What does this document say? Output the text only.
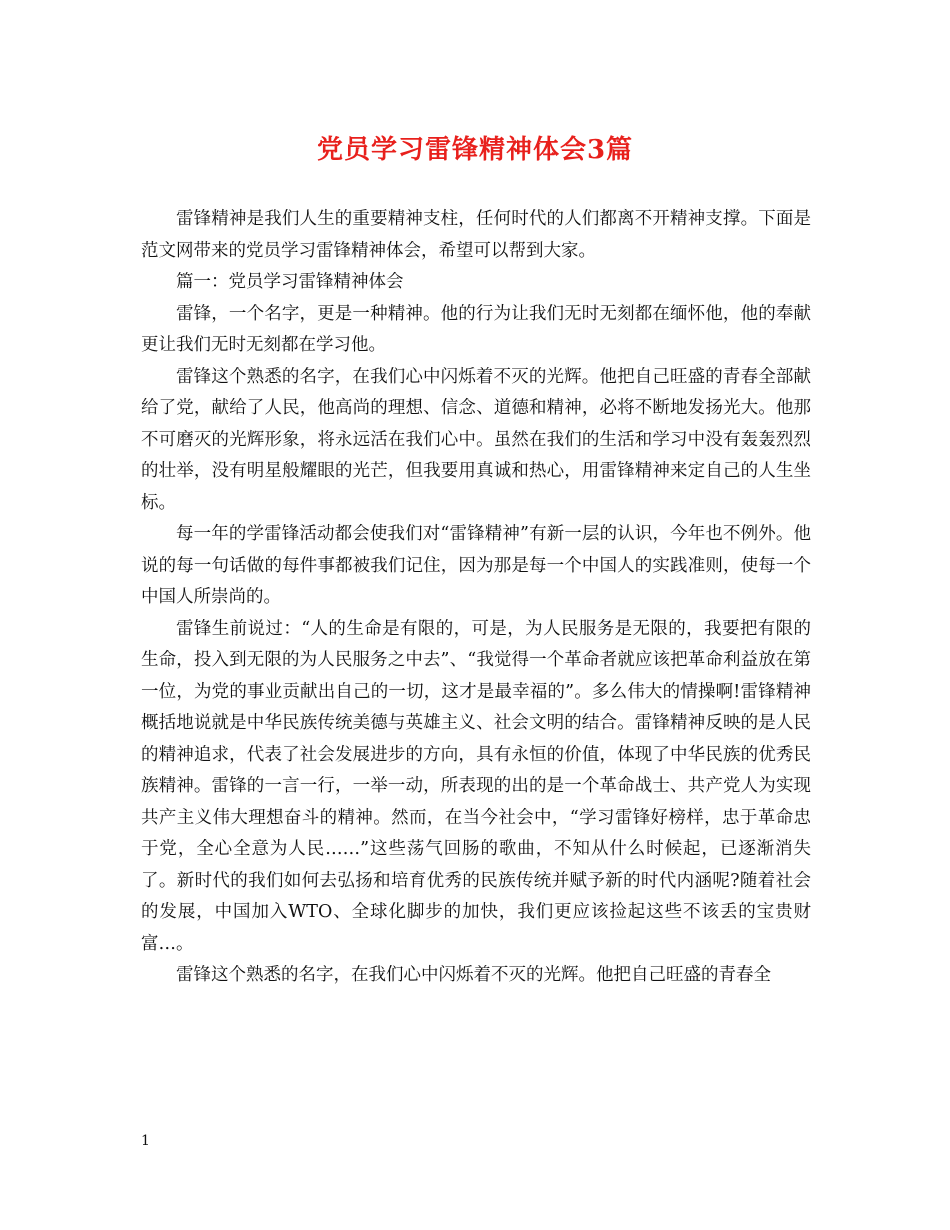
党员学习雷锋精神体会3篇

雷锋精神是我们人生的重要精神支柱，任何时代的人们都离不开精神支撑。下面是范文网带来的党员学习雷锋精神体会，希望可以帮到大家。

篇一：党员学习雷锋精神体会

雷锋，一个名字，更是一种精神。他的行为让我们无时无刻都在缅怀他，他的奉献更让我们无时无刻都在学习他。

雷锋这个熟悉的名字，在我们心中闪烁着不灭的光辉。他把自己旺盛的青春全部献给了党，献给了人民，他高尚的理想、信念、道德和精神，必将不断地发扬光大。他那不可磨灭的光辉形象，将永远活在我们心中。虽然在我们的生活和学习中没有轰轰烈烈的壮举，没有明星般耀眼的光芒，但我要用真诚和热心，用雷锋精神来定自己的人生坐标。

每一年的学雷锋活动都会使我们对“雷锋精神”有新一层的认识，今年也不例外。他说的每一句话做的每件事都被我们记住，因为那是每一个中国人的实践准则，使每一个中国人所崇尚的。

雷锋生前说过：“人的生命是有限的，可是，为人民服务是无限的，我要把有限的生命，投入到无限的为人民服务之中去”、“我觉得一个革命者就应该把革命利益放在第一位，为党的事业贡献出自己的一切，这才是最幸福的”。多么伟大的情操啊!雷锋精神概括地说就是中华民族传统美德与英雄主义、社会文明的结合。雷锋精神反映的是人民的精神追求，代表了社会发展进步的方向，具有永恒的价值，体现了中华民族的优秀民族精神。雷锋的一言一行，一举一动，所表现的出的是一个革命战士、共产党人为实现共产主义伟大理想奋斗的精神。然而，在当今社会中，“学习雷锋好榜样，忠于革命忠于党，全心全意为人民……”这些荡气回肠的歌曲，不知从什么时候起，已逐渐消失了。新时代的我们如何去弘扬和培育优秀的民族传统并赋予新的时代内涵呢?随着社会的发展，中国加入WTO、全球化脚步的加快，我们更应该捡起这些不该丢的宝贵财富…。

雷锋这个熟悉的名字，在我们心中闪烁着不灭的光辉。他把自己旺盛的青春全

1
